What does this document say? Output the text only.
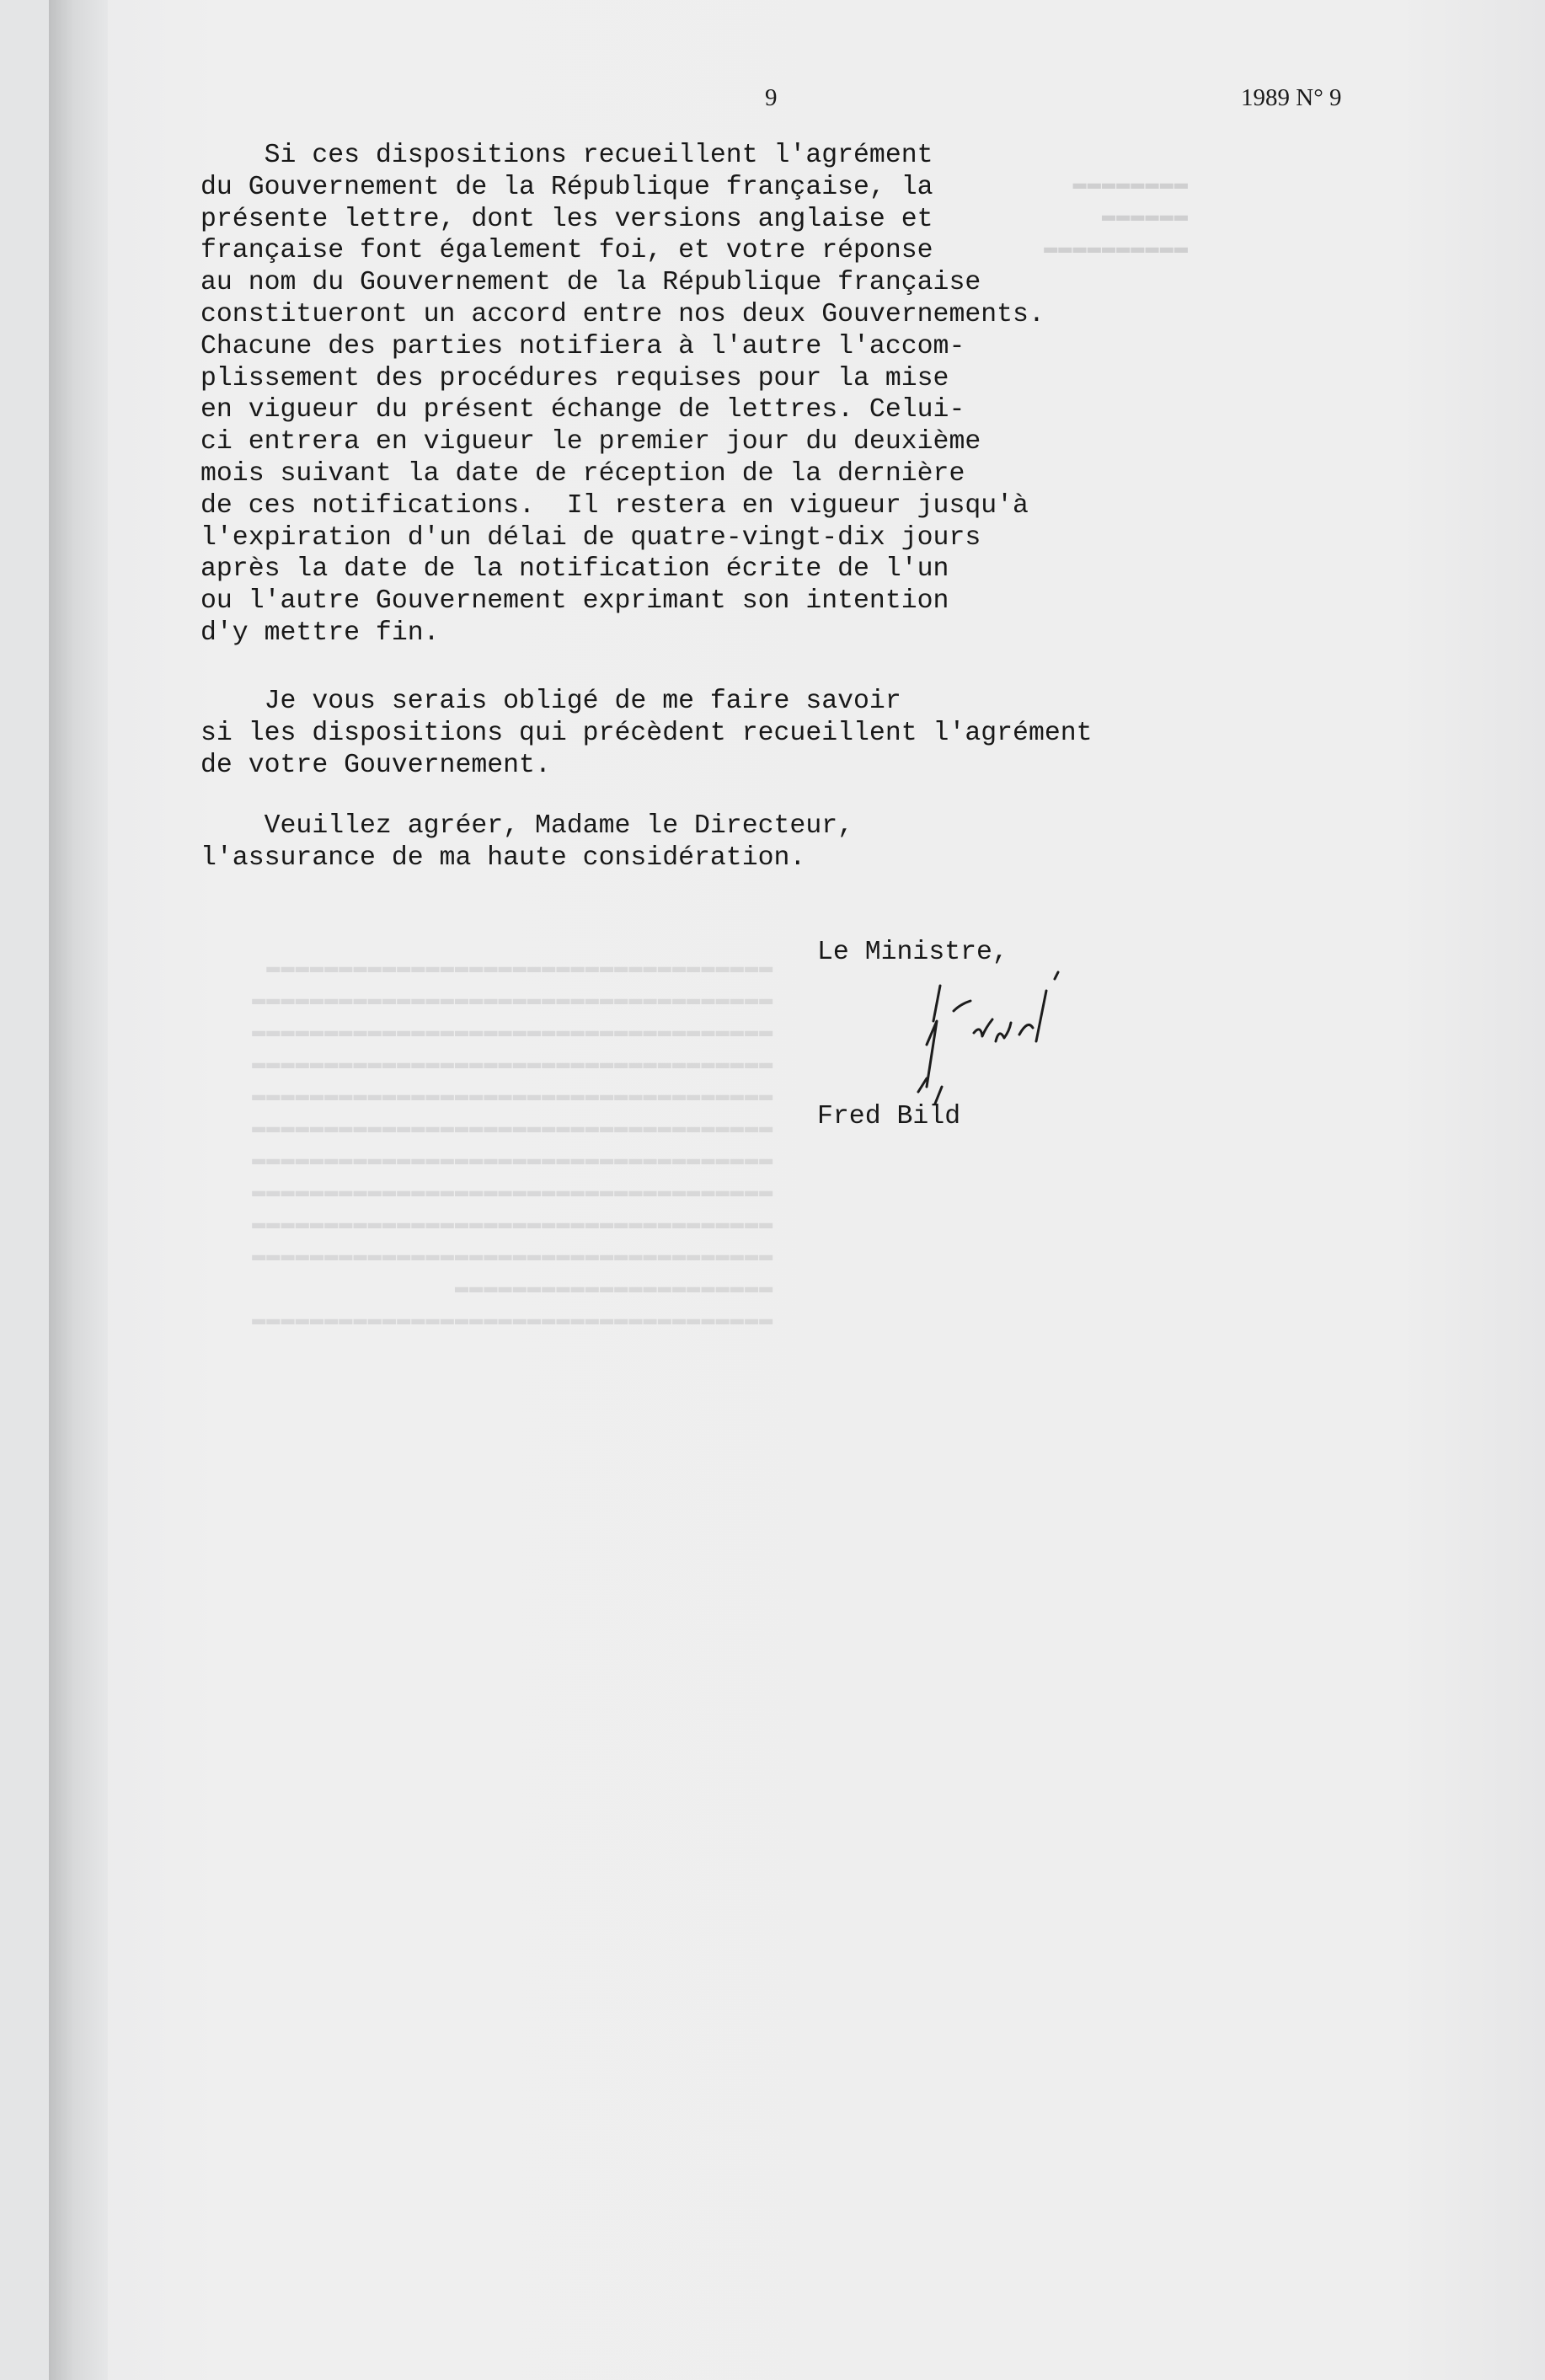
▬▬▬▬▬▬▬▬
▬▬▬▬▬▬
▬▬▬▬▬▬▬▬▬▬
▬▬▬▬▬▬▬▬▬▬▬▬▬▬▬▬▬▬▬▬▬▬▬▬▬▬▬▬▬▬▬▬▬▬▬
▬▬▬▬▬▬▬▬▬▬▬▬▬▬▬▬▬▬▬▬▬▬▬▬▬▬▬▬▬▬▬▬▬▬▬▬
▬▬▬▬▬▬▬▬▬▬▬▬▬▬▬▬▬▬▬▬▬▬▬▬▬▬▬▬▬▬▬▬▬▬▬▬
▬▬▬▬▬▬▬▬▬▬▬▬▬▬▬▬▬▬▬▬▬▬▬▬▬▬▬▬▬▬▬▬▬▬▬▬
▬▬▬▬▬▬▬▬▬▬▬▬▬▬▬▬▬▬▬▬▬▬▬▬▬▬▬▬▬▬▬▬▬▬▬▬
▬▬▬▬▬▬▬▬▬▬▬▬▬▬▬▬▬▬▬▬▬▬▬▬▬▬▬▬▬▬▬▬▬▬▬▬
▬▬▬▬▬▬▬▬▬▬▬▬▬▬▬▬▬▬▬▬▬▬▬▬▬▬▬▬▬▬▬▬▬▬▬▬
▬▬▬▬▬▬▬▬▬▬▬▬▬▬▬▬▬▬▬▬▬▬▬▬▬▬▬▬▬▬▬▬▬▬▬▬
▬▬▬▬▬▬▬▬▬▬▬▬▬▬▬▬▬▬▬▬▬▬▬▬▬▬▬▬▬▬▬▬▬▬▬▬
▬▬▬▬▬▬▬▬▬▬▬▬▬▬▬▬▬▬▬▬▬▬▬▬▬▬▬▬▬▬▬▬▬▬▬▬
▬▬▬▬▬▬▬▬▬▬▬▬▬▬▬▬▬▬▬▬▬▬
▬▬▬▬▬▬▬▬▬▬▬▬▬▬▬▬▬▬▬▬▬▬▬▬▬▬▬▬▬▬▬▬▬▬▬▬
9	1989 N° 9
Si ces dispositions recueillent l'agrément
du Gouvernement de la République française, la
présente lettre, dont les versions anglaise et
française font également foi, et votre réponse
au nom du Gouvernement de la République française
constitueront un accord entre nos deux Gouvernements.
Chacune des parties notifiera à l'autre l'accom-
plissement des procédures requises pour la mise
en vigueur du présent échange de lettres. Celui-
ci entrera en vigueur le premier jour du deuxième
mois suivant la date de réception de la dernière
de ces notifications.  Il restera en vigueur jusqu'à
l'expiration d'un délai de quatre-vingt-dix jours
après la date de la notification écrite de l'un
ou l'autre Gouvernement exprimant son intention
d'y mettre fin.
Je vous serais obligé de me faire savoir
si les dispositions qui précèdent recueillent l'agrément
de votre Gouvernement.
Veuillez agréer, Madame le Directeur,
l'assurance de ma haute considération.
Le Ministre,
Fred Bild
